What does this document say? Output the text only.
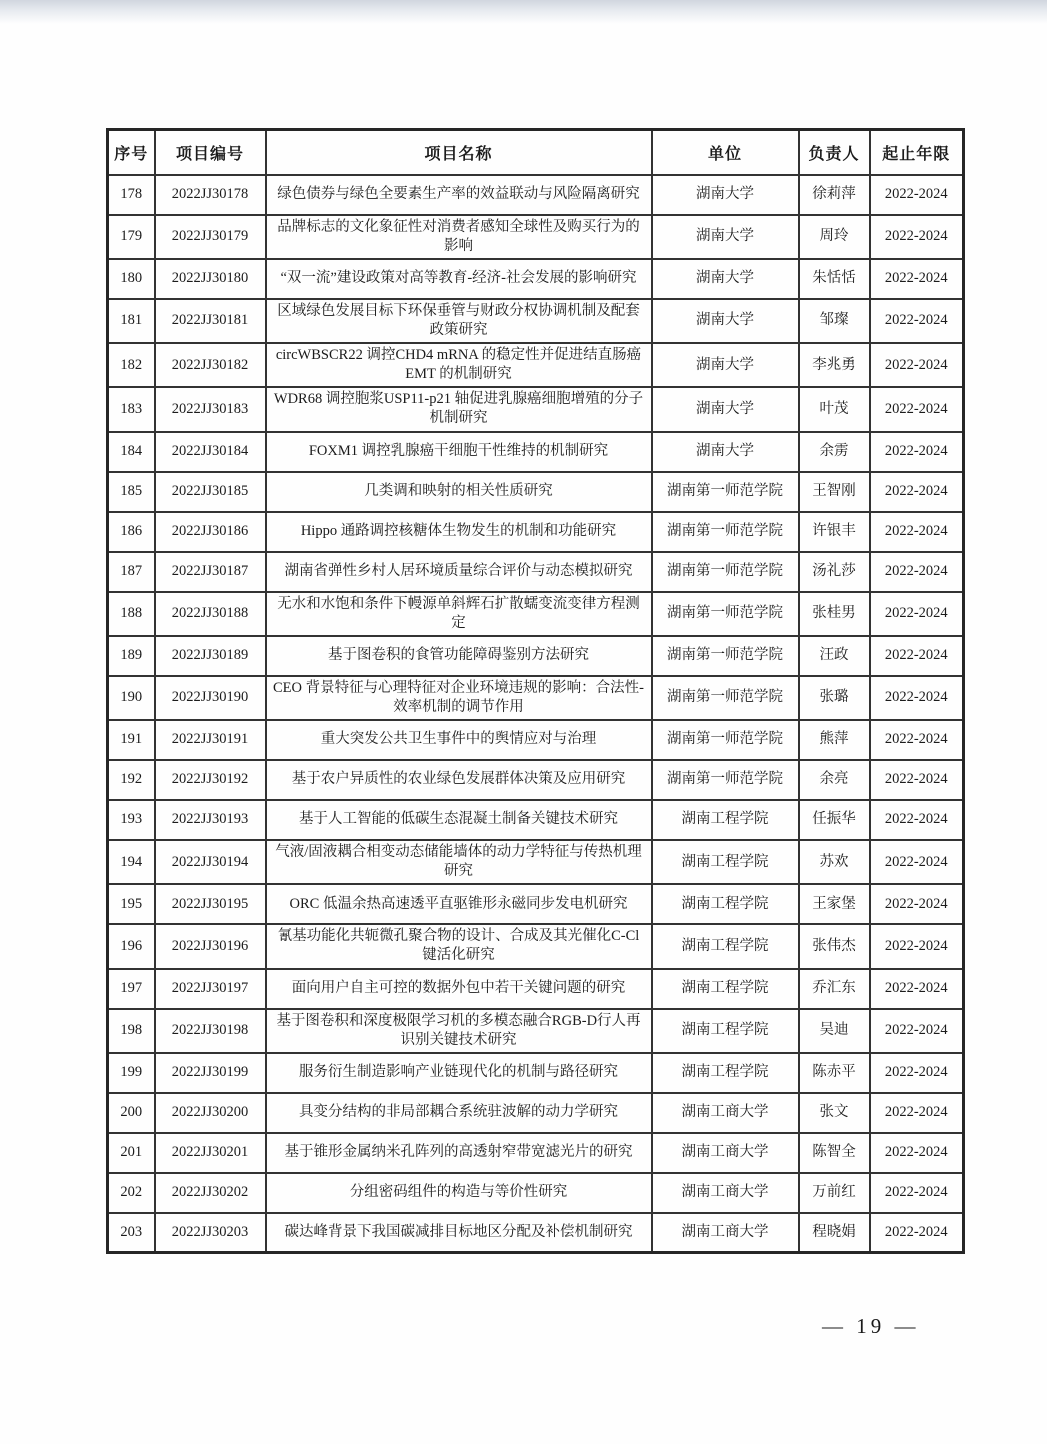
序号	项目编号	项目名称	单位	负责人	起止年限
178	2022JJ30178	绿色债券与绿色全要素生产率的效益联动与风险隔离研究	湖南大学	徐莉萍	2022-2024
179	2022JJ30179	品牌标志的文化象征性对消费者感知全球性及购买行为的影响	湖南大学	周玲	2022-2024
180	2022JJ30180	“双一流”建设政策对高等教育-经济-社会发展的影响研究	湖南大学	朱恬恬	2022-2024
181	2022JJ30181	区域绿色发展目标下环保垂管与财政分权协调机制及配套政策研究	湖南大学	邹璨	2022-2024
182	2022JJ30182	circWBSCR22 调控CHD4 mRNA 的稳定性并促进结直肠癌EMT 的机制研究	湖南大学	李兆勇	2022-2024
183	2022JJ30183	WDR68 调控胞浆USP11-p21 轴促进乳腺癌细胞增殖的分子机制研究	湖南大学	叶茂	2022-2024
184	2022JJ30184	FOXM1 调控乳腺癌干细胞干性维持的机制研究	湖南大学	余雳	2022-2024
185	2022JJ30185	几类调和映射的相关性质研究	湖南第一师范学院	王智刚	2022-2024
186	2022JJ30186	Hippo 通路调控核糖体生物发生的机制和功能研究	湖南第一师范学院	许银丰	2022-2024
187	2022JJ30187	湖南省弹性乡村人居环境质量综合评价与动态模拟研究	湖南第一师范学院	汤礼莎	2022-2024
188	2022JJ30188	无水和水饱和条件下幔源单斜辉石扩散蠕变流变律方程测定	湖南第一师范学院	张桂男	2022-2024
189	2022JJ30189	基于图卷积的食管功能障碍鉴别方法研究	湖南第一师范学院	汪政	2022-2024
190	2022JJ30190	CEO 背景特征与心理特征对企业环境违规的影响：合法性-效率机制的调节作用	湖南第一师范学院	张璐	2022-2024
191	2022JJ30191	重大突发公共卫生事件中的舆情应对与治理	湖南第一师范学院	熊萍	2022-2024
192	2022JJ30192	基于农户异质性的农业绿色发展群体决策及应用研究	湖南第一师范学院	余亮	2022-2024
193	2022JJ30193	基于人工智能的低碳生态混凝土制备关键技术研究	湖南工程学院	任振华	2022-2024
194	2022JJ30194	气液/固液耦合相变动态储能墙体的动力学特征与传热机理研究	湖南工程学院	苏欢	2022-2024
195	2022JJ30195	ORC 低温余热高速透平直驱锥形永磁同步发电机研究	湖南工程学院	王家堡	2022-2024
196	2022JJ30196	氰基功能化共轭微孔聚合物的设计、合成及其光催化C-Cl键活化研究	湖南工程学院	张伟杰	2022-2024
197	2022JJ30197	面向用户自主可控的数据外包中若干关键问题的研究	湖南工程学院	乔汇东	2022-2024
198	2022JJ30198	基于图卷积和深度极限学习机的多模态融合RGB-D行人再识别关键技术研究	湖南工程学院	吴迪	2022-2024
199	2022JJ30199	服务衍生制造影响产业链现代化的机制与路径研究	湖南工程学院	陈赤平	2022-2024
200	2022JJ30200	具变分结构的非局部耦合系统驻波解的动力学研究	湖南工商大学	张文	2022-2024
201	2022JJ30201	基于锥形金属纳米孔阵列的高透射窄带宽滤光片的研究	湖南工商大学	陈智全	2022-2024
202	2022JJ30202	分组密码组件的构造与等价性研究	湖南工商大学	万前红	2022-2024
203	2022JJ30203	碳达峰背景下我国碳减排目标地区分配及补偿机制研究	湖南工商大学	程晓娟	2022-2024
— 19 —
